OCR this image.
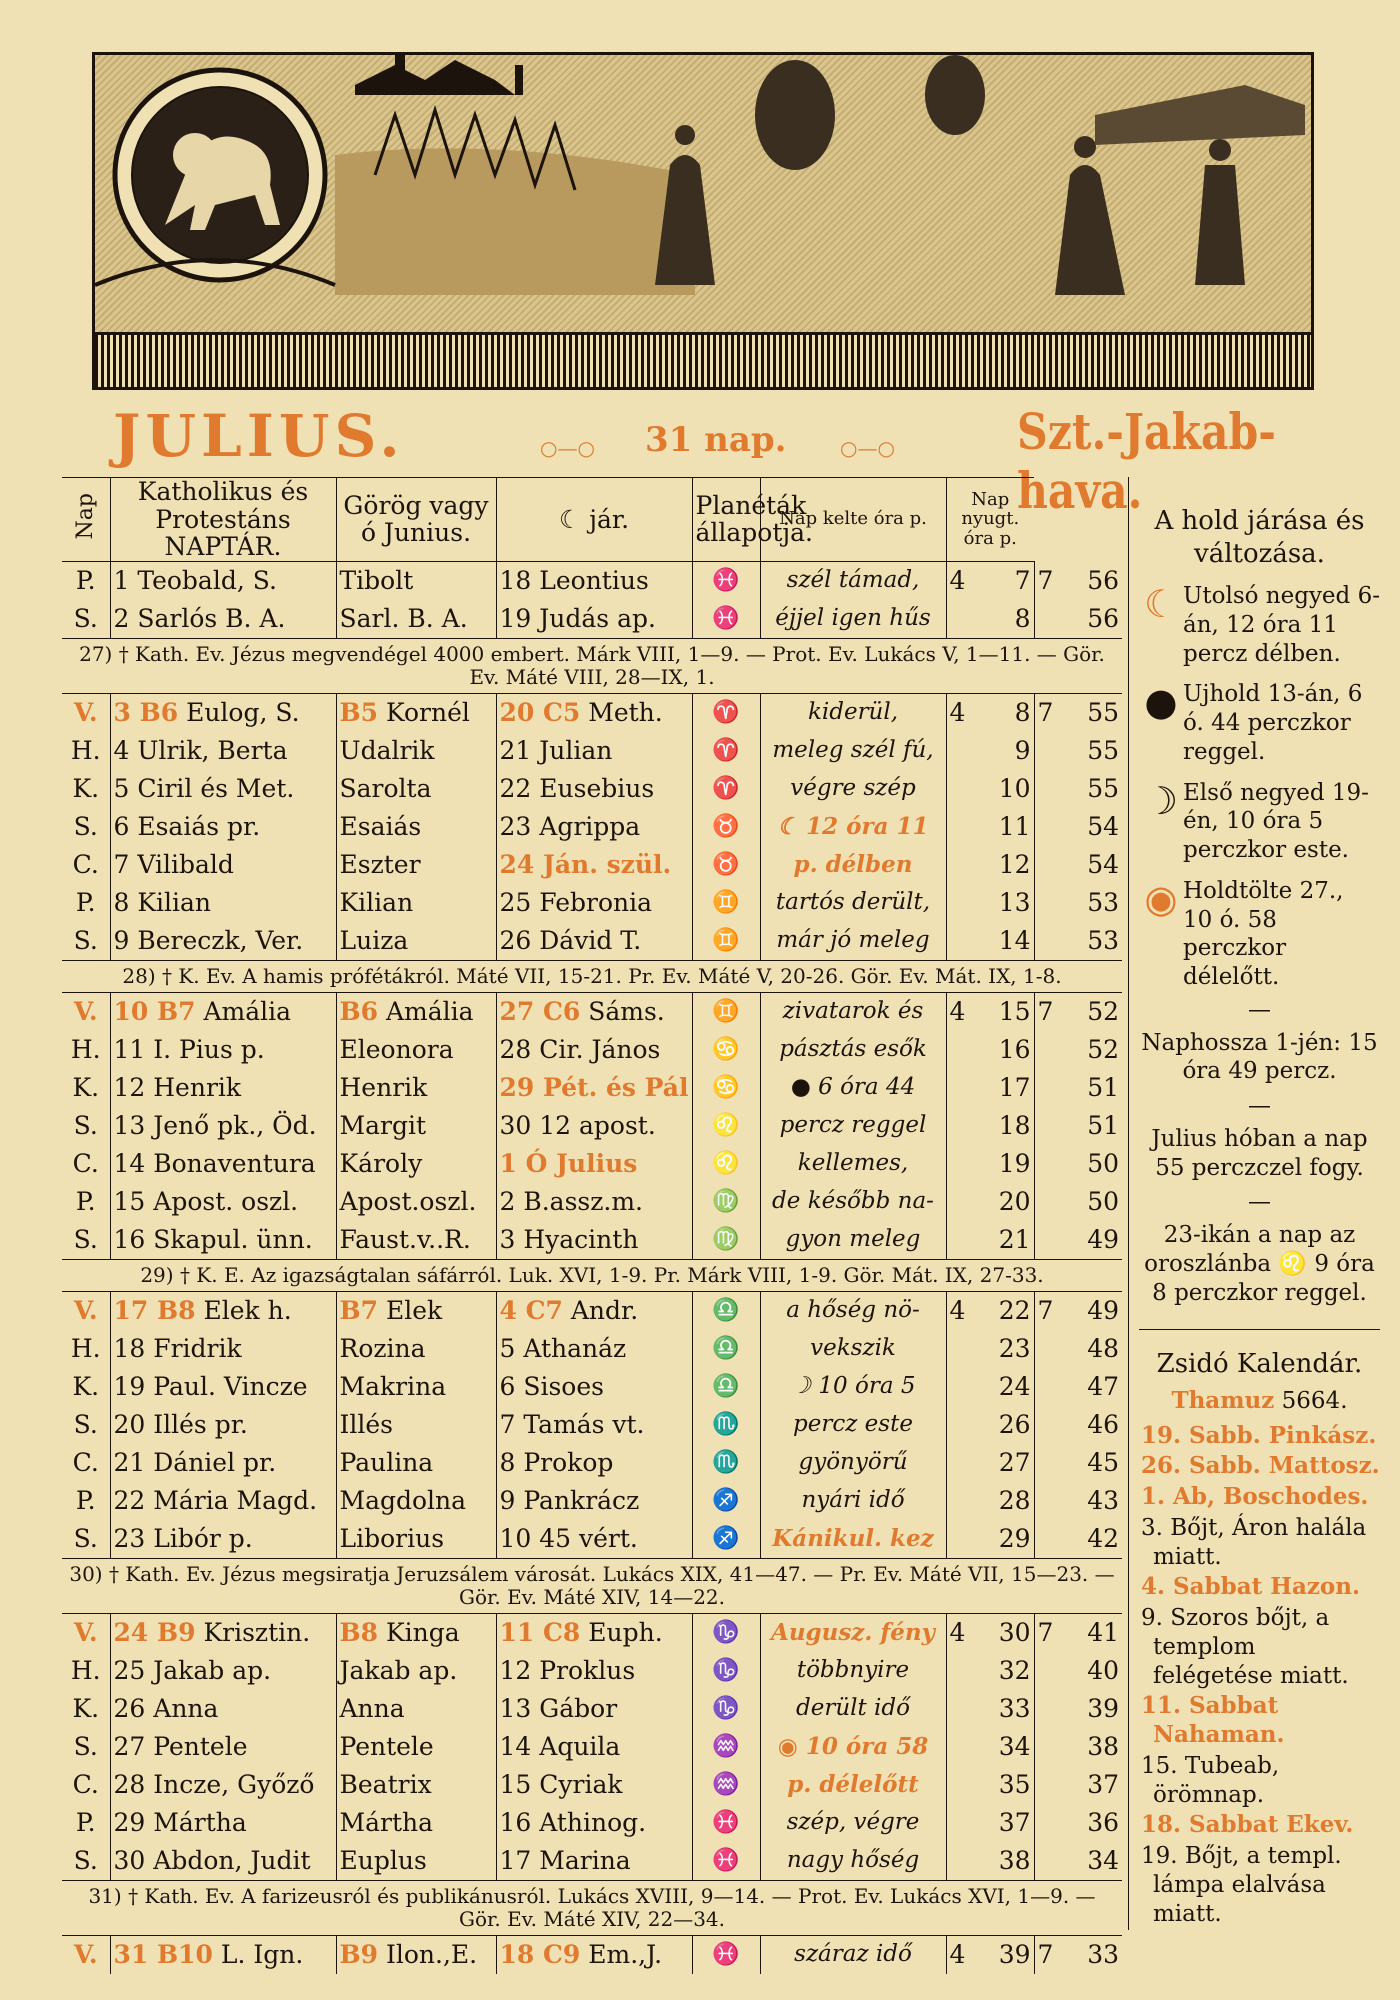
JULIUS.	○—○ 31 nap.	○—○ Szt.-Jakab-hava.
Nap	Katholikus és Protestáns NAPTÁR.	Görög vagy ó Junius.	☾ jár.	Planéták állapotja.	Nap kelte óra p.	Nap nyugt. óra p.	
P.	1 Teobald, S.	Tibolt	18 Leontius	♓	szél támad,	4 7	7 56
S.	2 Sarlós B. A.	Sarl. B. A.	19 Judás ap.	♓	éjjel igen hűs	8	56
27) † Kath. Ev. Jézus megvendégel 4000 embert. Márk VIII, 1—9. — Prot. Ev. Lukács V, 1—11. — Gör. Ev. Máté VIII, 28—IX, 1.							
V.	3 B6 Eulog, S.	B5 Kornél	20 C5 Meth.	♈	kiderül,	4 8	7 55
H.	4 Ulrik, Berta	Udalrik	21 Julian	♈	meleg szél fú,	9	55
K.	5 Ciril és Met.	Sarolta	22 Eusebius	♈	végre szép	10	55
S.	6 Esaiás pr.	Esaiás	23 Agrippa	♉	☾ 12 óra 11	11	54
C.	7 Vilibald	Eszter	24 Ján. szül.	♉	p. délben	12	54
P.	8 Kilian	Kilian	25 Febronia	♊	tartós derült,	13	53
S.	9 Bereczk, Ver.	Luiza	26 Dávid T.	♊	már jó meleg	14	53
28) † K. Ev. A hamis prófétákról. Máté VII, 15-21. Pr. Ev. Máté V, 20-26. Gör. Ev. Mát. IX, 1-8.							
V.	10 B7 Amália	B6 Amália	27 C6 Sáms.	♊	zivatarok és	4 15	7 52
H.	11 I. Pius p.	Eleonora	28 Cir. János	♋	pásztás esők	16	52
K.	12 Henrik	Henrik	29 Pét. és Pál	♋	● 6 óra 44	17	51
S.	13 Jenő pk., Öd.	Margit	30 12 apost.	♌	percz reggel	18	51
C.	14 Bonaventura	Károly	1 Ó Julius	♌	kellemes,	19	50
P.	15 Apost. oszl.	Apost.oszl.	2 B.assz.m.	♍	de később na-	20	50
S.	16 Skapul. ünn.	Faust.v..R.	3 Hyacinth	♍	gyon meleg	21	49
29) † K. E. Az igazságtalan sáfárról. Luk. XVI, 1-9. Pr. Márk VIII, 1-9. Gör. Mát. IX, 27-33.							
V.	17 B8 Elek h.	B7 Elek	4 C7 Andr.	♎	a hőség nö-	4 22	7 49
H.	18 Fridrik	Rozina	5 Athanáz	♎	vekszik	23	48
K.	19 Paul. Vincze	Makrina	6 Sisoes	♎	☽ 10 óra 5	24	47
S.	20 Illés pr.	Illés	7 Tamás vt.	♏	percz este	26	46
C.	21 Dániel pr.	Paulina	8 Prokop	♏	gyönyörű	27	45
P.	22 Mária Magd.	Magdolna	9 Pankrácz	♐	nyári idő	28	43
S.	23 Libór p.	Liborius	10 45 vért.	♐	Kánikul. kez	29	42
30) † Kath. Ev. Jézus megsiratja Jeruzsálem városát. Lukács XIX, 41—47. — Pr. Ev. Máté VII, 15—23. — Gör. Ev. Máté XIV, 14—22.							
V.	24 B9 Krisztin.	B8 Kinga	11 C8 Euph.	♑	Augusz. fény	4 30	7 41
H.	25 Jakab ap.	Jakab ap.	12 Proklus	♑	többnyire	32	40
K.	26 Anna	Anna	13 Gábor	♑	derült idő	33	39
S.	27 Pentele	Pentele	14 Aquila	♒	◉ 10 óra 58	34	38
C.	28 Incze, Győző	Beatrix	15 Cyriak	♒	p. délelőtt	35	37
P.	29 Mártha	Mártha	16 Athinog.	♓	szép, végre	37	36
S.	30 Abdon, Judit	Euplus	17 Marina	♓	nagy hőség	38	34
31) † Kath. Ev. A farizeusról és publikánusról. Lukács XVIII, 9—14. — Prot. Ev. Lukács XVI, 1—9. — Gör. Ev. Máté XIV, 22—34.							
V.	31 B10 L. Ign.	B9 Ilon.,E.	18 C9 Em.,J.	♓	száraz idő	4 39	7 33

A hold járása és változása.

☾ Utolsó negyed 6-án, 12 óra 11 percz délben.
● Ujhold 13-án, 6 ó. 44 perczkor reggel.
☽ Első negyed 19-én, 10 óra 5 perczkor este.
◉ Holdtölte 27., 10 ó. 58 perczkor délelőtt.
—

Naphossza 1-jén: 15 óra 49 percz.

—

Julius hóban a nap 55 perczczel fogy.

—

23-ikán a nap az oroszlánba ♌ 9 óra 8 perczkor reggel.

Zsidó Kalendár.

Thamuz 5664.

19. Sabb. Pinkász.
26. Sabb. Mattosz.
1. Ab, Boschodes.
3. Bőjt, Áron halála miatt.
4. Sabbat Hazon.
9. Szoros bőjt, a templom felégetése miatt.
11. Sabbat Nahaman.
15. Tubeab, örömnap.
18. Sabbat Ekev.
19. Bőjt, a templ. lámpa elalvása miatt.
